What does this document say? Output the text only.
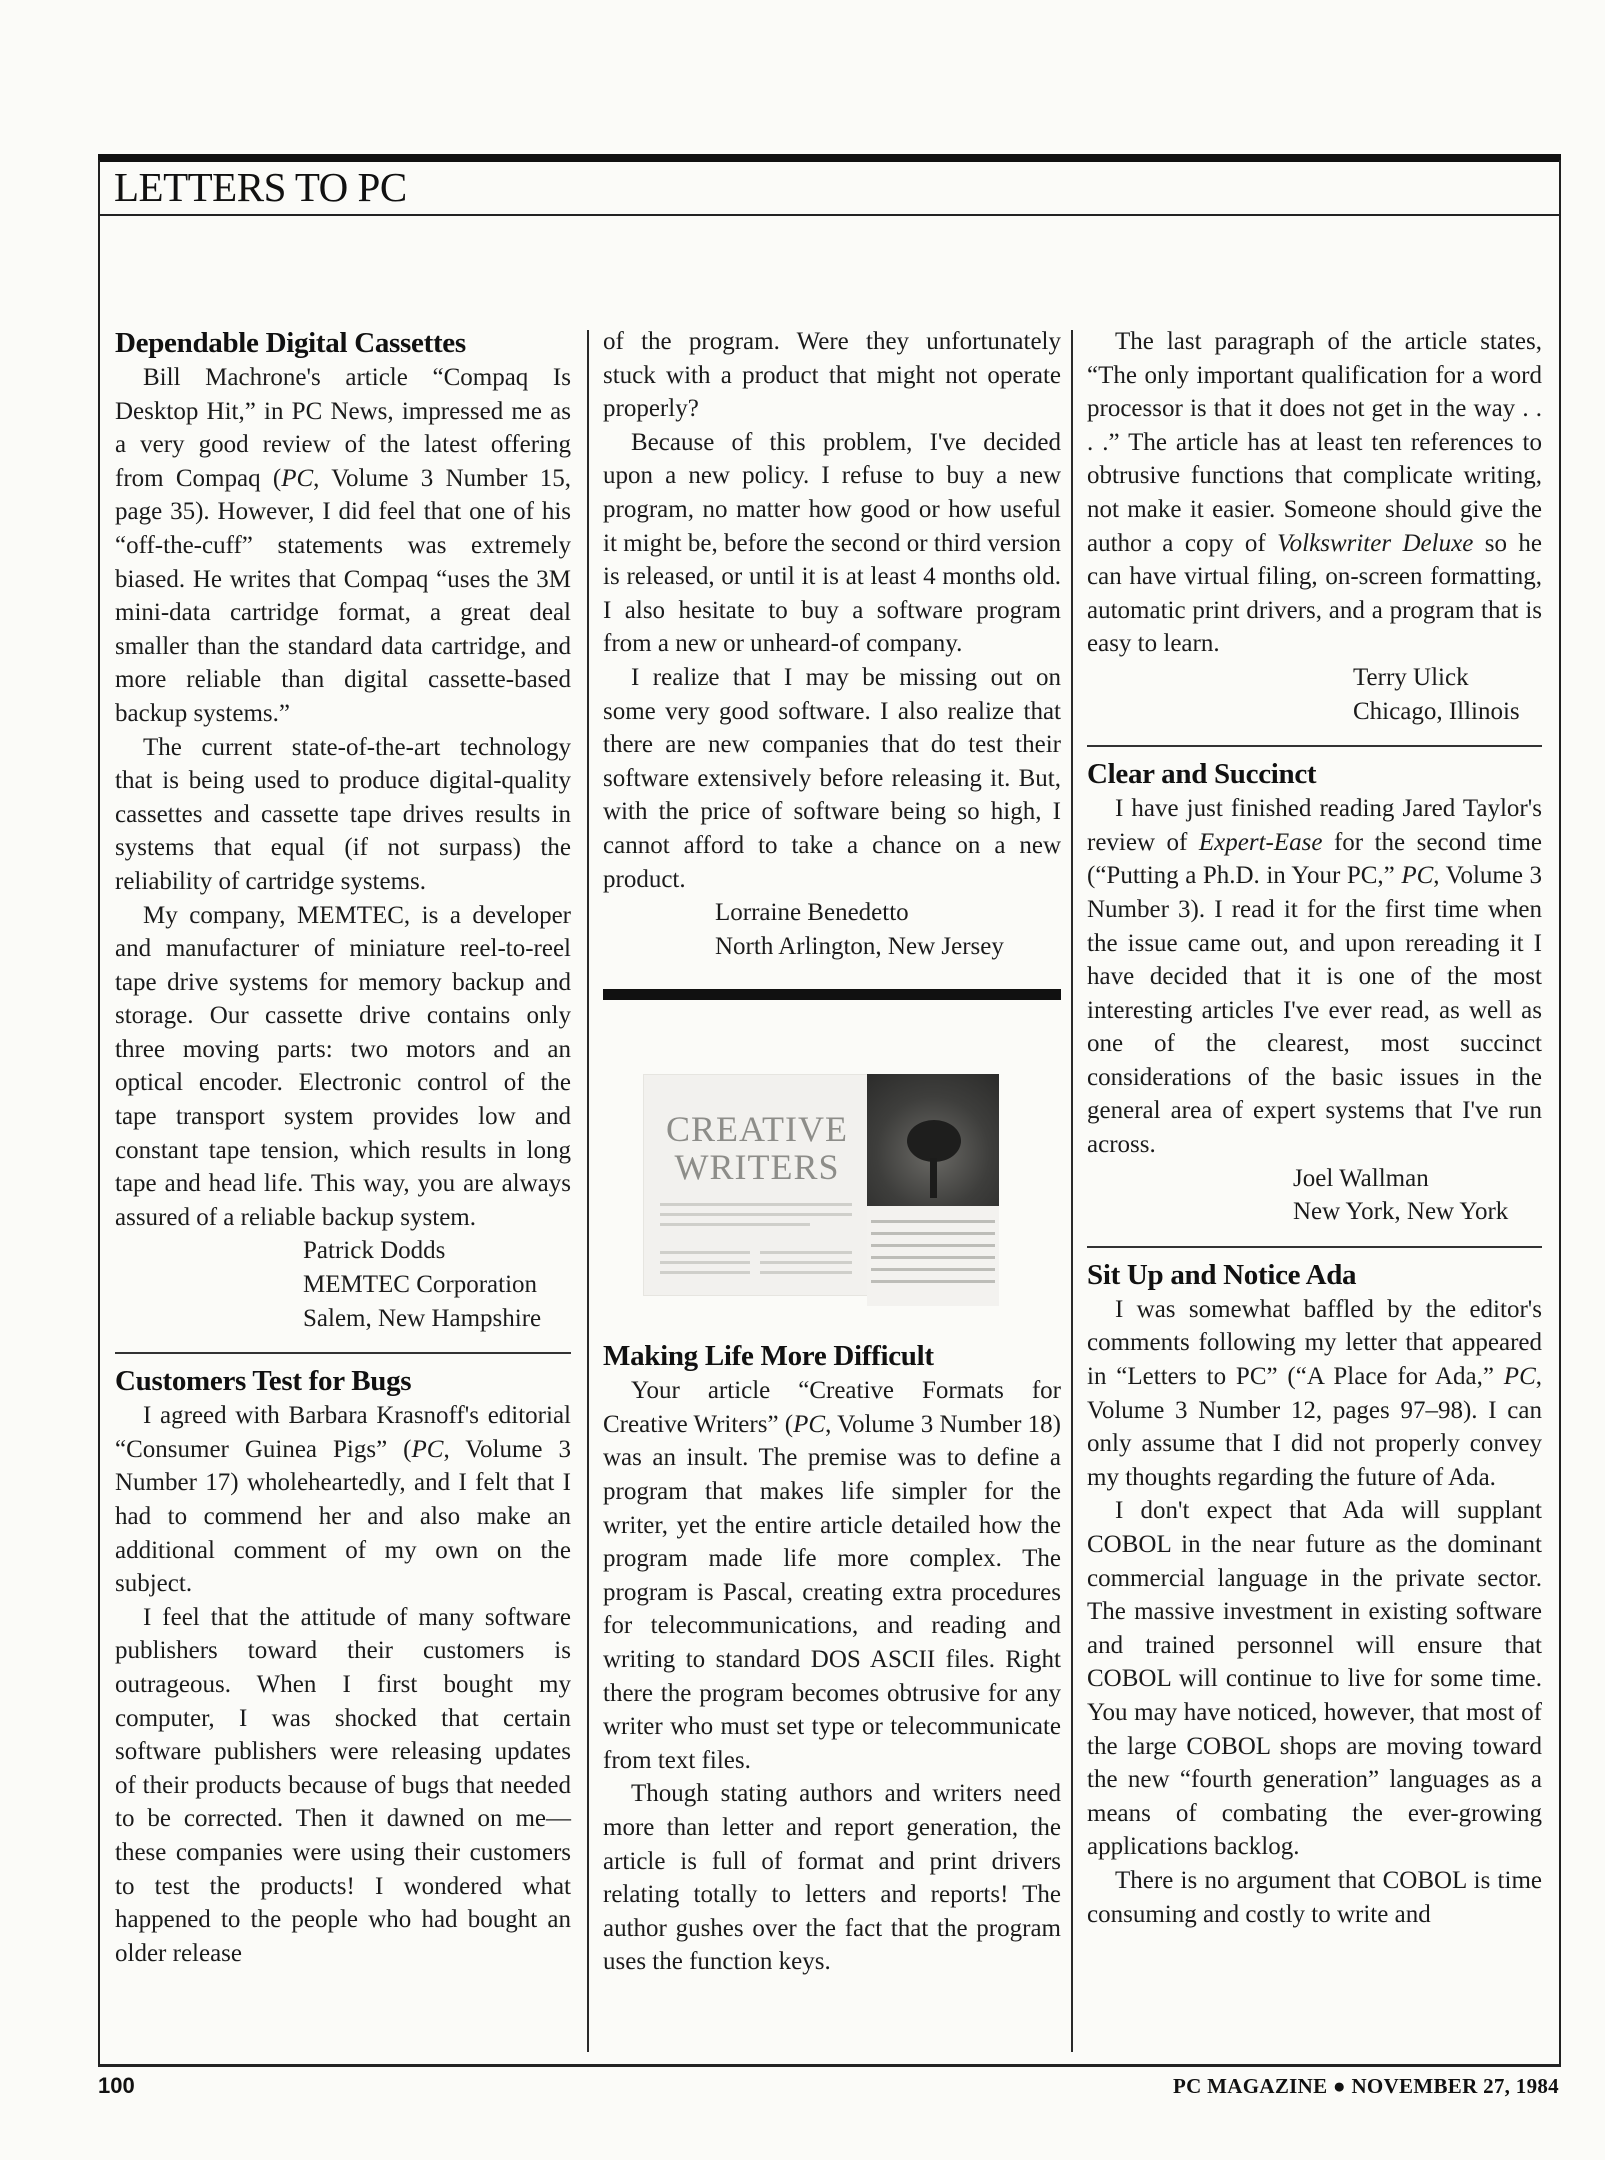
LETTERS TO PC
Dependable Digital Cassettes

Bill Machrone's article “Compaq Is Desktop Hit,” in PC News, impressed me as a very good review of the latest offering from Compaq (PC, Volume 3 Number 15, page 35). However, I did feel that one of his “off-the-cuff” statements was extremely biased. He writes that Compaq “uses the 3M mini-data cartridge format, a great deal smaller than the standard data cartridge, and more reliable than digital cassette-based backup systems.”

The current state-of-the-art technology that is being used to produce digital-quality cassettes and cassette tape drives results in systems that equal (if not surpass) the reliability of cartridge systems.

My company, MEMTEC, is a developer and manufacturer of miniature reel-to-reel tape drive systems for memory backup and storage. Our cassette drive contains only three moving parts: two motors and an optical encoder. Electronic control of the tape transport system provides low and constant tape tension, which results in long tape and head life. This way, you are always assured of a reliable backup system.

Patrick Dodds
MEMTEC Corporation
Salem, New Hampshire
Customers Test for Bugs

I agreed with Barbara Krasnoff's editorial “Consumer Guinea Pigs” (PC, Volume 3 Number 17) wholeheartedly, and I felt that I had to commend her and also make an additional comment of my own on the subject.

I feel that the attitude of many software publishers toward their customers is outrageous. When I first bought my computer, I was shocked that certain software publishers were releasing updates of their products because of bugs that needed to be corrected. Then it dawned on me—these companies were using their customers to test the products! I wondered what happened to the people who had bought an older release

of the program. Were they unfortunately stuck with a product that might not operate properly?

Because of this problem, I've decided upon a new policy. I refuse to buy a new program, no matter how good or how useful it might be, before the second or third version is released, or until it is at least 4 months old. I also hesitate to buy a software program from a new or unheard-of company.

I realize that I may be missing out on some very good software. I also realize that there are new companies that do test their software extensively before releasing it. But, with the price of software being so high, I cannot afford to take a chance on a new product.

Lorraine Benedetto
North Arlington, New Jersey
CREATIVE
WRITERS
Making Life More Difficult

Your article “Creative Formats for Creative Writers” (PC, Volume 3 Number 18) was an insult. The premise was to define a program that makes life simpler for the writer, yet the entire article detailed how the program made life more complex. The program is Pascal, creating extra procedures for telecommunications, and reading and writing to standard DOS ASCII files. Right there the program becomes obtrusive for any writer who must set type or telecommunicate from text files.

Though stating authors and writers need more than letter and report generation, the article is full of format and print drivers relating totally to letters and reports! The author gushes over the fact that the program uses the function keys.

The last paragraph of the article states, “The only important qualification for a word processor is that it does not get in the way . . . .” The article has at least ten references to obtrusive functions that complicate writing, not make it easier. Someone should give the author a copy of Volkswriter Deluxe so he can have virtual filing, on-screen formatting, automatic print drivers, and a program that is easy to learn.

Terry Ulick
Chicago, Illinois
Clear and Succinct

I have just finished reading Jared Taylor's review of Expert-Ease for the second time (“Putting a Ph.D. in Your PC,” PC, Volume 3 Number 3). I read it for the first time when the issue came out, and upon rereading it I have decided that it is one of the most interesting articles I've ever read, as well as one of the clearest, most succinct considerations of the basic issues in the general area of expert systems that I've run across.

Joel Wallman
New York, New York
Sit Up and Notice Ada

I was somewhat baffled by the editor's comments following my letter that appeared in “Letters to PC” (“A Place for Ada,” PC, Volume 3 Number 12, pages 97–98). I can only assume that I did not properly convey my thoughts regarding the future of Ada.

I don't expect that Ada will supplant COBOL in the near future as the dominant commercial language in the private sector. The massive investment in existing software and trained personnel will ensure that COBOL will continue to live for some time. You may have noticed, however, that most of the large COBOL shops are moving toward the new “fourth generation” languages as a means of combating the ever-growing applications backlog.

There is no argument that COBOL is time consuming and costly to write and

100	PC MAGAZINE ● NOVEMBER 27, 1984
